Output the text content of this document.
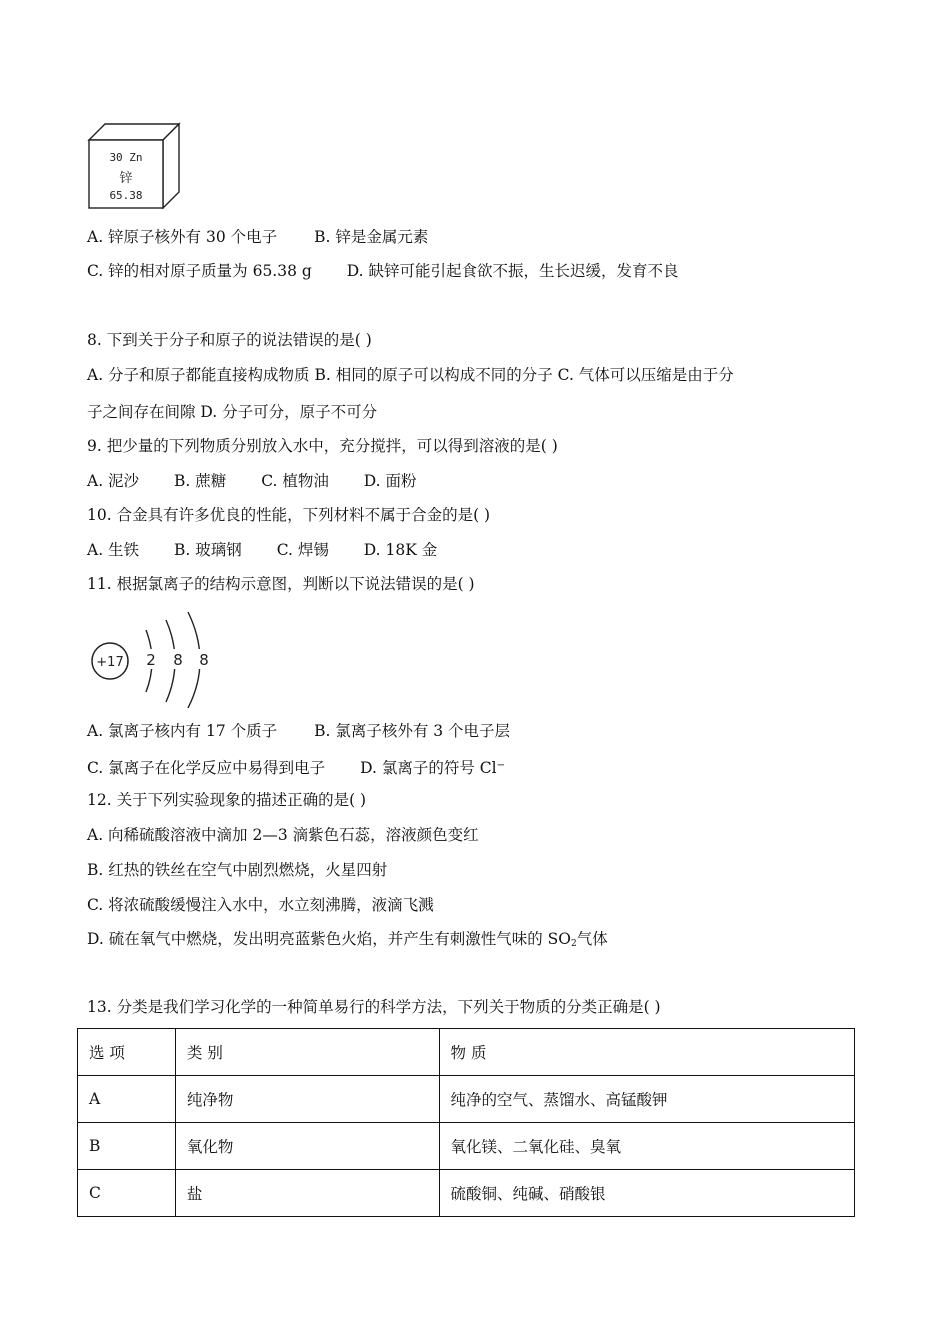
30 Zn
锌
65.38
A. 锌原子核外有 30 个电子 B. 锌是金属元素
C. 锌的相对原子质量为 65.38 g D. 缺锌可能引起食欲不振，生长迟缓，发育不良
8. 下到关于分子和原子的说法错误的是( )
A. 分子和原子都能直接构成物质 B. 相同的原子可以构成不同的分子 C. 气体可以压缩是由于分
子之间存在间隙 D. 分子可分，原子不可分
9. 把少量的下列物质分别放入水中，充分搅拌，可以得到溶液的是( )
A. 泥沙 B. 蔗糖 C. 植物油 D. 面粉
10. 合金具有许多优良的性能，下列材料不属于合金的是( )
A. 生铁 B. 玻璃钢 C. 焊锡 D. 18K 金
11. 根据氯离子的结构示意图，判断以下说法错误的是( )
+17 2 8 8
A. 氯离子核内有 17 个质子 B. 氯离子核外有 3 个电子层
C. 氯离子在化学反应中易得到电子 D. 氯离子的符号 Cl−
12. 关于下列实验现象的描述正确的是( )
A. 向稀硫酸溶液中滴加 2—3 滴紫色石蕊，溶液颜色变红
B. 红热的铁丝在空气中剧烈燃烧，火星四射
C. 将浓硫酸缓慢注入水中，水立刻沸腾，液滴飞溅
D. 硫在氧气中燃烧，发出明亮蓝紫色火焰，并产生有刺激性气味的 $SO_2$气体
13. 分类是我们学习化学的一种简单易行的科学方法，下列关于物质的分类正确是( )
选 项	类 别	物 质
A	纯净物	纯净的空气、蒸馏水、高锰酸钾
B	氧化物	氧化镁、二氧化硅、臭氧
C	盐	硫酸铜、纯碱、硝酸银
